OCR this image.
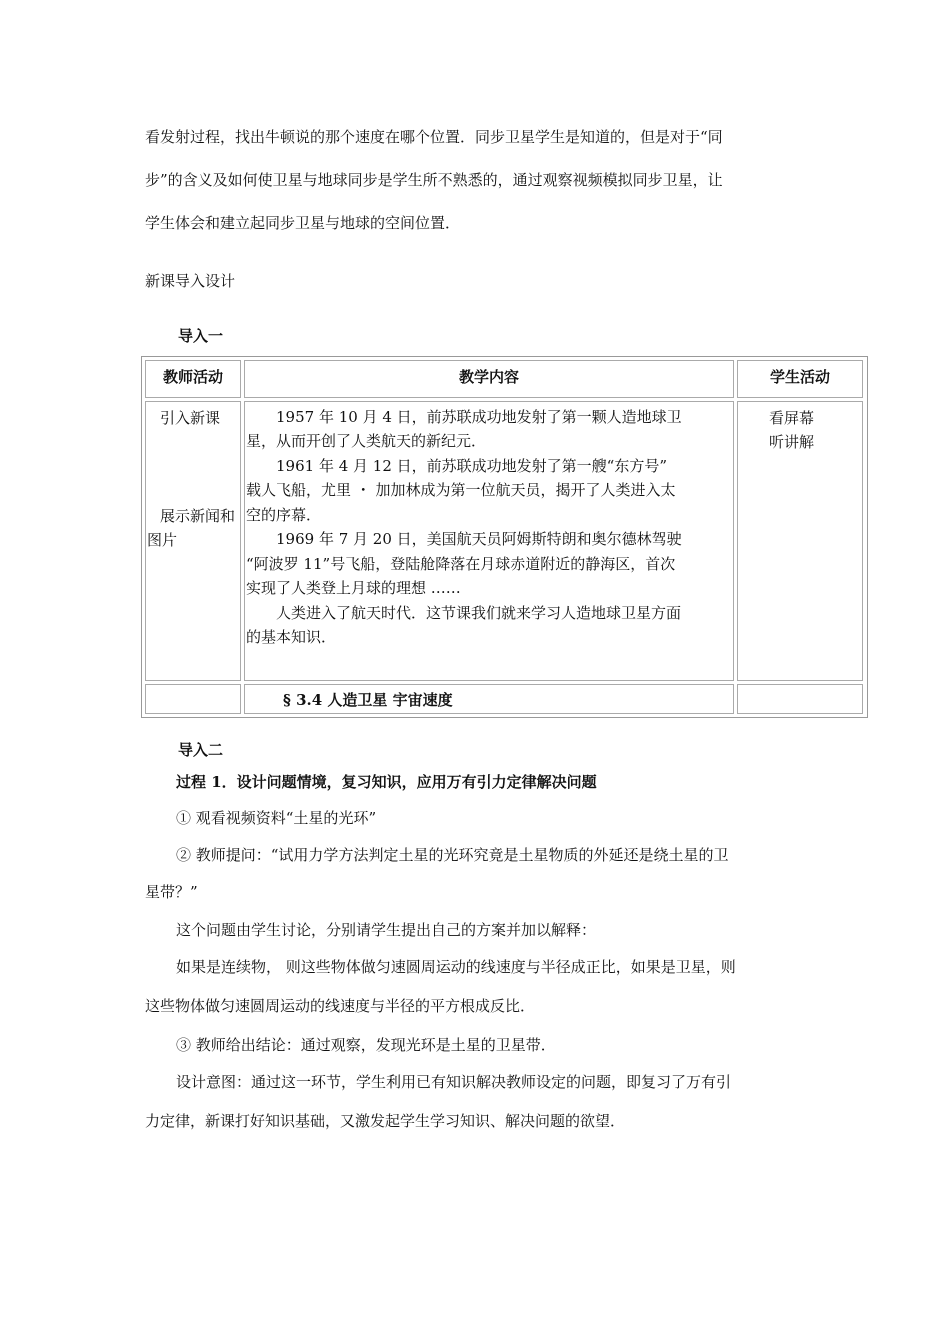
看发射过程，找出牛顿说的那个速度在哪个位置．同步卫星学生是知道的，但是对于“同
步”的含义及如何使卫星与地球同步是学生所不熟悉的，通过观察视频模拟同步卫星，让
学生体会和建立起同步卫星与地球的空间位置．
新课导入设计
导入一
教师活动	教学内容	学生活动
引入新课
展示新闻和
图片
　　1957 年 10 月 4 日，前苏联成功地发射了第一颗人造地球卫
星，从而开创了人类航天的新纪元．
　　1961 年 4 月 12 日，前苏联成功地发射了第一艘“东方号”
载人飞船，尤里 ・ 加加林成为第一位航天员，揭开了人类进入太
空的序幕．
　　1969 年 7 月 20 日，美国航天员阿姆斯特朗和奥尔德林驾驶
“阿波罗 11”号飞船，登陆舱降落在月球赤道附近的静海区，首次
实现了人类登上月球的理想 ……
　　人类进入了航天时代．这节课我们就来学习人造地球卫星方面
的基本知识．
看屏幕
听讲解
§ 3.4 人造卫星 宇宙速度
导入二
过程 1．设计问题情境，复习知识，应用万有引力定律解决问题
① 观看视频资料“土星的光环”
② 教师提问：“试用力学方法判定土星的光环究竟是土星物质的外延还是绕土星的卫
星带？”
这个问题由学生讨论，分别请学生提出自己的方案并加以解释：
如果是连续物， 则这些物体做匀速圆周运动的线速度与半径成正比，如果是卫星，则
这些物体做匀速圆周运动的线速度与半径的平方根成反比．
③ 教师给出结论：通过观察，发现光环是土星的卫星带．
设计意图：通过这一环节，学生利用已有知识解决教师设定的问题，即复习了万有引
力定律，新课打好知识基础，又激发起学生学习知识、解决问题的欲望．
